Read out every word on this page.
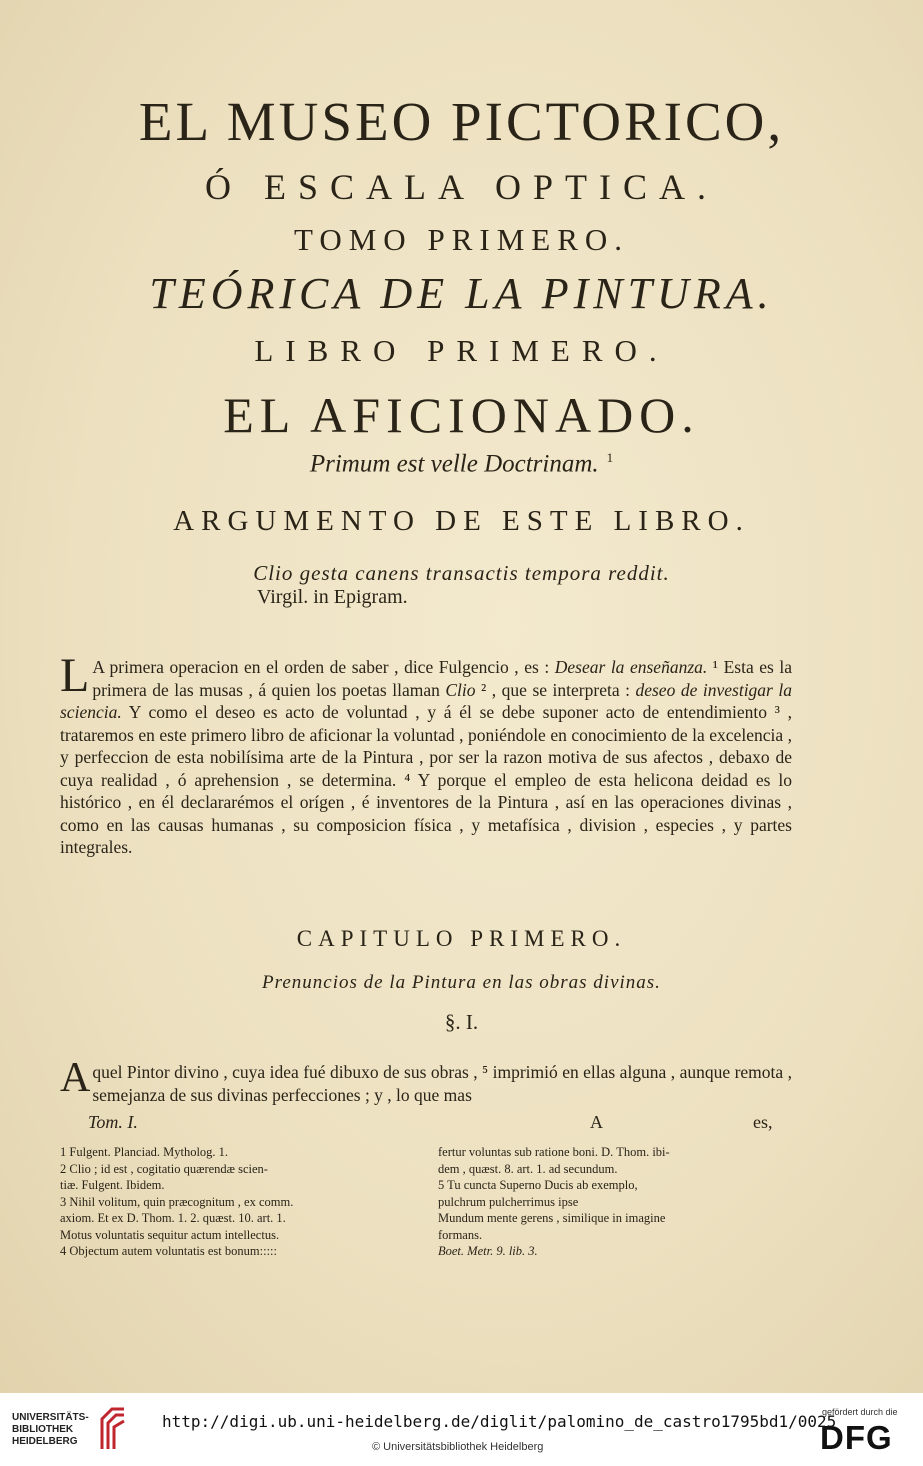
EL MUSEO PICTORICO,
Ó ESCALA OPTICA.
TOMO PRIMERO.
TEÓRICA DE LA PINTURA.
LIBRO PRIMERO.
EL AFICIONADO.
Primum est velle Doctrinam. $^1$
ARGUMENTO DE ESTE LIBRO.
Clio gesta canens transactis tempora reddit.
Virgil. in Epigram.
L A primera operacion en el orden de saber , dice Fulgencio , es : Desear la enseñanza. ¹ Esta es la primera de las musas , á quien los poetas llaman Clio ² , que se interpreta : deseo de investigar la sciencia. Y como el deseo es acto de voluntad , y á él se debe suponer acto de entendimiento ³ , trataremos en este primero libro de aficionar la voluntad , poniéndole en conocimiento de la excelencia , y perfeccion de esta nobilísima arte de la Pintura , por ser la razon motiva de sus afectos , debaxo de cuya realidad , ó aprehension , se determina. ⁴ Y porque el empleo de esta helicona deidad es lo histórico , en él declararémos el orígen , é inventores de la Pintura , así en las operaciones divinas , como en las causas humanas , su composicion física , y metafísica , division , especies , y partes integrales.
CAPITULO PRIMERO.
Prenuncios de la Pintura en las obras divinas.
§. I.
Aquel Pintor divino , cuya idea fué dibuxo de sus obras , ⁵ imprimió en ellas alguna , aunque remota , semejanza de sus divinas perfecciones ; y , lo que mas
Tom. I.	A	es,
1 Fulgent. Planciad. Mytholog. 1.
2 Clio ; id est , cogitatio quærendæ scien-
tiæ. Fulgent. Ibidem.
3 Nihil volitum, quin præcognitum , ex comm.
axiom. Et ex D. Thom. 1. 2. quæst. 10. art. 1.
Motus voluntatis sequitur actum intellectus.
4 Objectum autem voluntatis est bonum:::::
fertur voluntas sub ratione boni. D. Thom. ibi-
dem , quæst. 8. art. 1. ad secundum.
5 Tu cuncta Superno Ducis ab exemplo,
pulchrum pulcherrimus ipse
Mundum mente gerens , similique in imagine
formans.
Boet. Metr. 9. lib. 3.
UNIVERSITÄTS-
BIBLIOTHEK
HEIDELBERG
http://digi.ub.uni-heidelberg.de/diglit/palomino_de_castro1795bd1/0025
© Universitätsbibliothek Heidelberg
gefördert durch die
DFG
